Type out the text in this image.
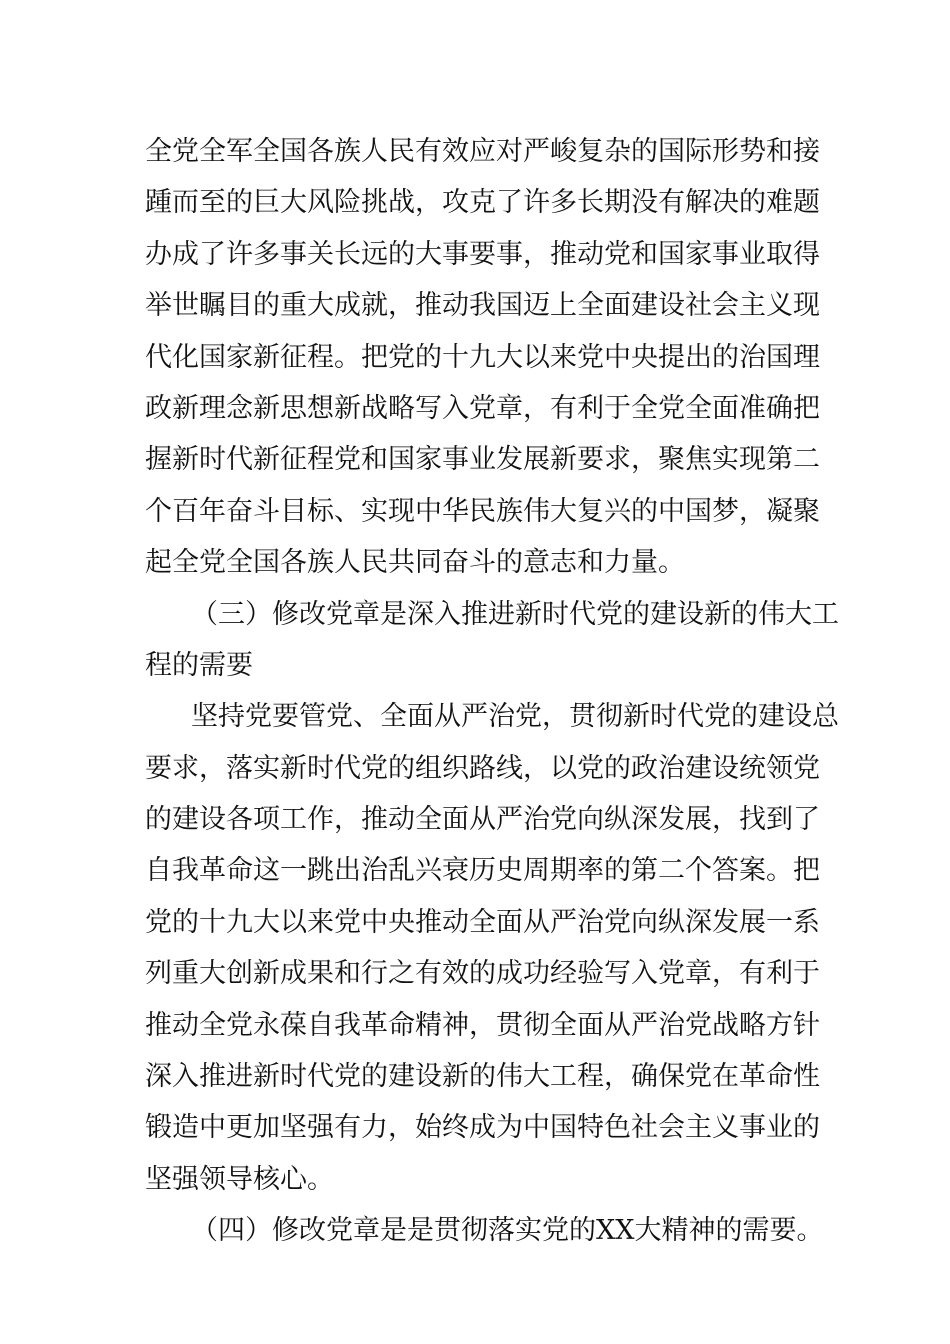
全党全军全国各族人民有效应对严峻复杂的国际形势和接
踵而至的巨大风险挑战，攻克了许多长期没有解决的难题
办成了许多事关长远的大事要事，推动党和国家事业取得
举世瞩目的重大成就，推动我国迈上全面建设社会主义现
代化国家新征程。把党的十九大以来党中央提出的治国理
政新理念新思想新战略写入党章，有利于全党全面准确把
握新时代新征程党和国家事业发展新要求，聚焦实现第二
个百年奋斗目标、实现中华民族伟大复兴的中国梦，凝聚
起全党全国各族人民共同奋斗的意志和力量。
（三）修改党章是深入推进新时代党的建设新的伟大工
程的需要
坚持党要管党、全面从严治党，贯彻新时代党的建设总
要求，落实新时代党的组织路线，以党的政治建设统领党
的建设各项工作，推动全面从严治党向纵深发展，找到了
自我革命这一跳出治乱兴衰历史周期率的第二个答案。把
党的十九大以来党中央推动全面从严治党向纵深发展一系
列重大创新成果和行之有效的成功经验写入党章，有利于
推动全党永葆自我革命精神，贯彻全面从严治党战略方针
深入推进新时代党的建设新的伟大工程，确保党在革命性
锻造中更加坚强有力，始终成为中国特色社会主义事业的
坚强领导核心。
（四）修改党章是是贯彻落实党的XX大精神的需要。
